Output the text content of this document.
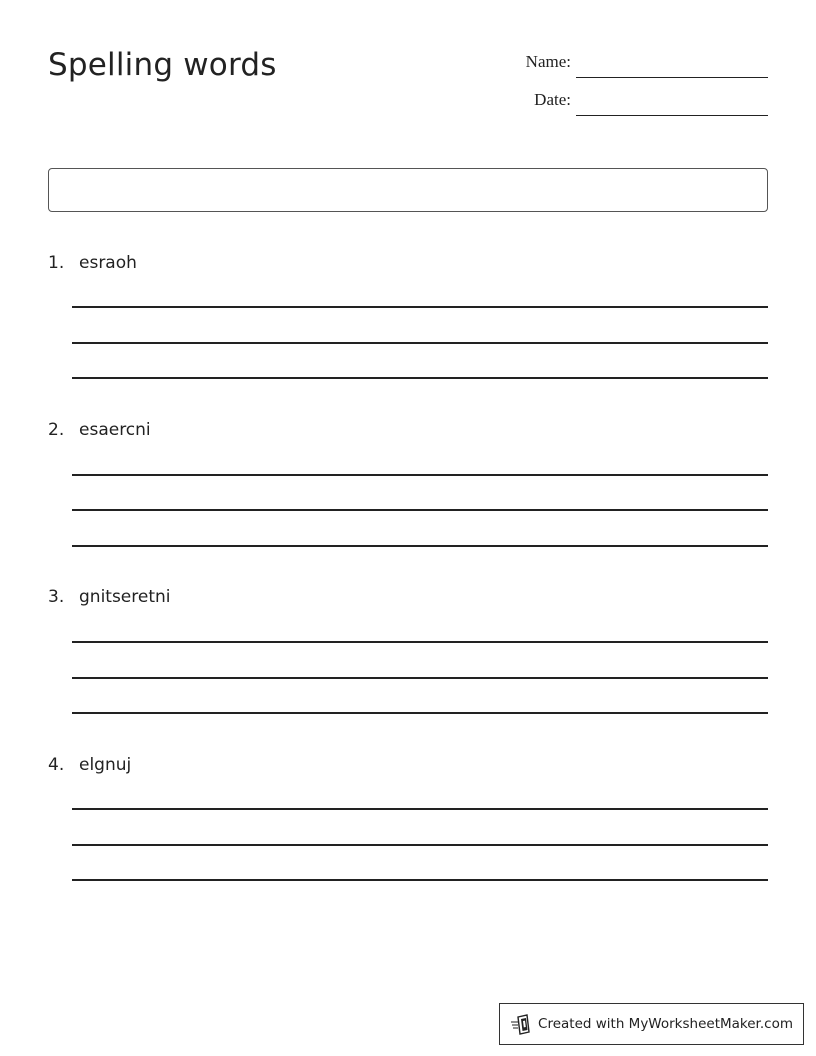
Spelling words	Name:
Date:
1. esraoh
2. esaercni
3. gnitseretni
4. elgnuj
Created with MyWorksheetMaker.com
